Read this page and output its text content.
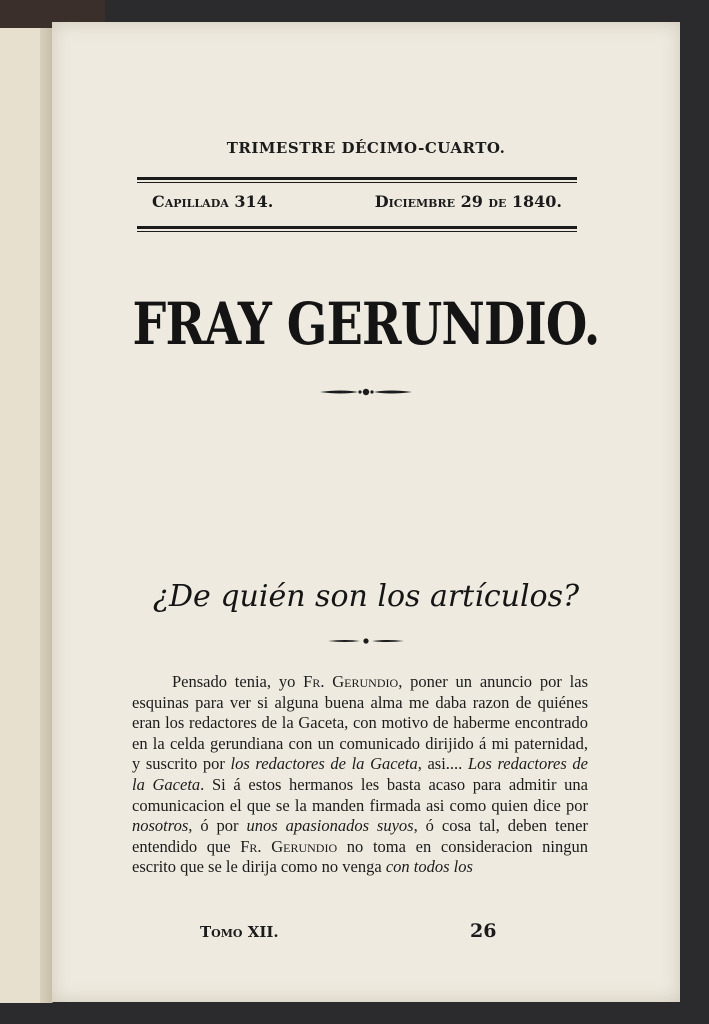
TRIMESTRE DÉCIMO-CUARTO.
Capillada 314.	Diciembre 29 de 1840.
FRAY GERUNDIO.
¿De quién son los artículos?

Pensado tenia, yo Fr. Gerundio, poner un anuncio por las esquinas para ver si alguna buena alma me daba razon de quiénes eran los redactores de la Gaceta, con motivo de haberme encontrado en la celda gerundiana con un comunicado dirijido á mi paternidad, y suscrito por los redactores de la Gaceta, asi.... Los redactores de la Gaceta. Si á estos hermanos les basta acaso para admitir una comunicacion el que se la manden firmada asi como quien dice por nosotros, ó por unos apasionados suyos, ó cosa tal, deben tener entendido que Fr. Gerundio no toma en consideracion ningun escrito que se le dirija como no venga con todos los

Tomo XII.	26
